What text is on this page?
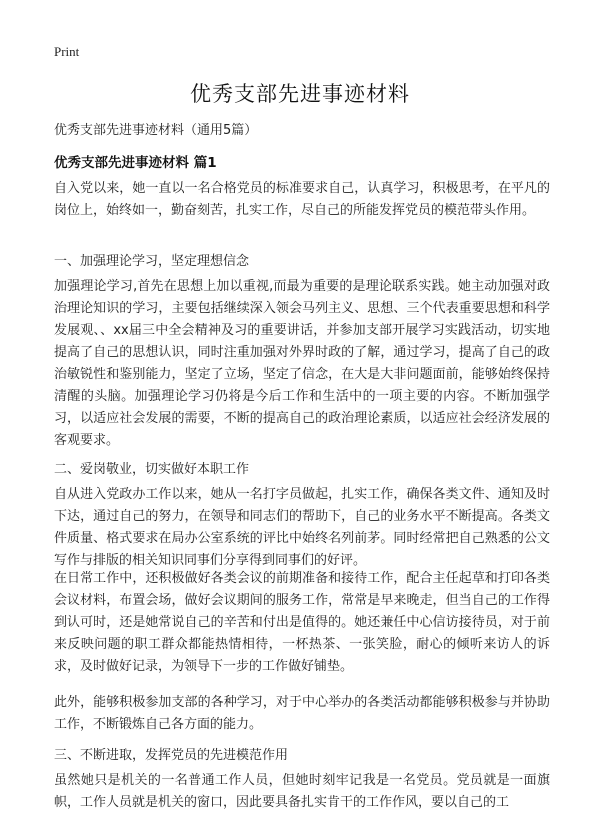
Print
优秀支部先进事迹材料
优秀支部先进事迹材料（通用5篇）
优秀支部先进事迹材料 篇1

自入党以来，她一直以一名合格党员的标准要求自己，认真学习，积极思考，在平凡的岗位上，始终如一，勤奋刻苦，扎实工作，尽自己的所能发挥党员的模范带头作用。

一、加强理论学习，坚定理想信念

加强理论学习,首先在思想上加以重视,而最为重要的是理论联系实践。她主动加强对政治理论知识的学习，主要包括继续深入领会马列主义、思想、三个代表重要思想和科学发展观、、xx届三中全会精神及习的重要讲话，并参加支部开展学习实践活动，切实地提高了自己的思想认识，同时注重加强对外界时政的了解，通过学习，提高了自己的政治敏锐性和鉴别能力，坚定了立场，坚定了信念，在大是大非问题面前，能够始终保持清醒的头脑。加强理论学习仍将是今后工作和生活中的一项主要的内容。不断加强学习，以适应社会发展的需要，不断的提高自己的政治理论素质，以适应社会经济发展的客观要求。

二、爱岗敬业，切实做好本职工作

自从进入党政办工作以来，她从一名打字员做起，扎实工作，确保各类文件、通知及时下达，通过自己的努力，在领导和同志们的帮助下，自己的业务水平不断提高。各类文件质量、格式要求在局办公室系统的评比中始终名列前茅。同时经常把自己熟悉的公文写作与排版的相关知识同事们分享得到同事们的好评。

在日常工作中，还积极做好各类会议的前期准备和接待工作，配合主任起草和打印各类会议材料，布置会场，做好会议期间的服务工作，常常是早来晚走，但当自己的工作得到认可时，还是她常说自己的辛苦和付出是值得的。她还兼任中心信访接待员，对于前来反映问题的职工群众都能热情相待，一杯热茶、一张笑脸，耐心的倾听来访人的诉求，及时做好记录，为领导下一步的工作做好铺垫。

此外，能够积极参加支部的各种学习，对于中心举办的各类活动都能够积极参与并协助工作，不断锻炼自己各方面的能力。

三、不断进取，发挥党员的先进模范作用

虽然她只是机关的一名普通工作人员，但她时刻牢记我是一名党员。党员就是一面旗帜，工作人员就是机关的窗口，因此要具备扎实肯干的工作作风，要以自己的工
